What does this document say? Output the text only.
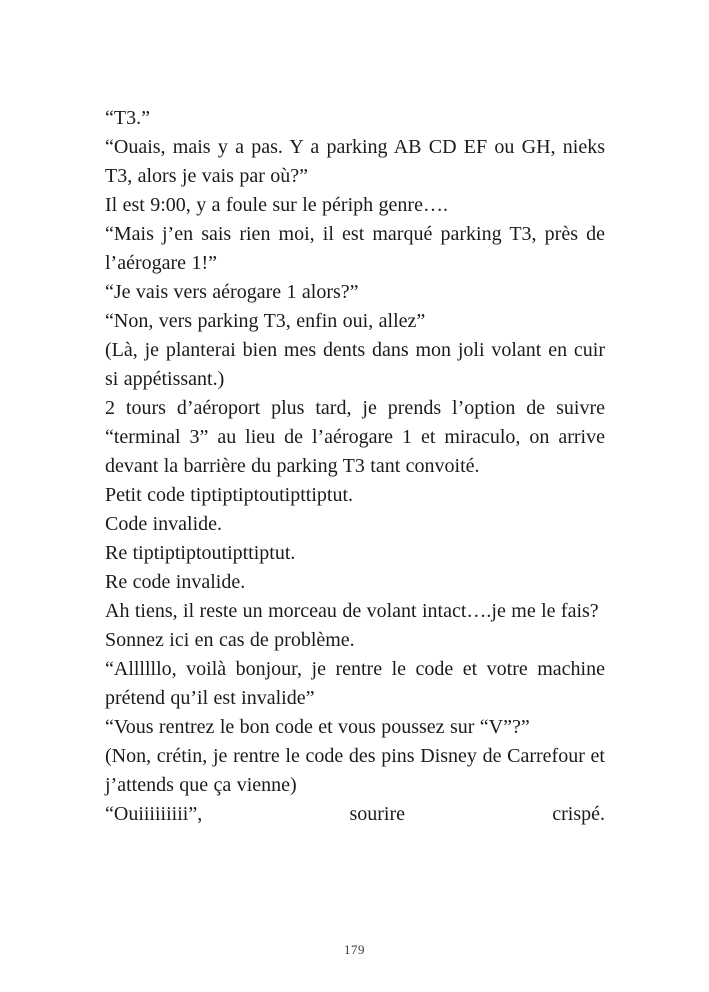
“T3.”

“Ouais, mais y a pas. Y a parking AB CD EF ou GH, nieks T3, alors je vais par où?”

Il est 9:00, y a foule sur le périph genre….

“Mais j’en sais rien moi, il est marqué parking T3, près de l’aérogare 1!”

“Je vais vers aérogare 1 alors?”

“Non, vers parking T3, enfin oui, allez”

(Là, je planterai bien mes dents dans mon joli volant en cuir si appétissant.)

2 tours d’aéroport plus tard, je prends l’option de suivre “terminal 3” au lieu de l’aérogare 1 et miraculo, on arrive devant la barrière du parking T3 tant convoité.

Petit code tiptiptiptoutipttiptut.

Code invalide.

Re tiptiptiptoutipttiptut.

Re code invalide.

Ah tiens, il reste un morceau de volant intact….je me le fais?

Sonnez ici en cas de problème.

“Allllllo, voilà bonjour, je rentre le code et votre machine prétend qu’il est invalide”

“Vous rentrez le bon code et vous poussez sur “V”?”

(Non, crétin, je rentre le code des pins Disney de Carrefour et j’attends que ça vienne)

“Ouiiiiiiiii”, sourire crispé.

179
